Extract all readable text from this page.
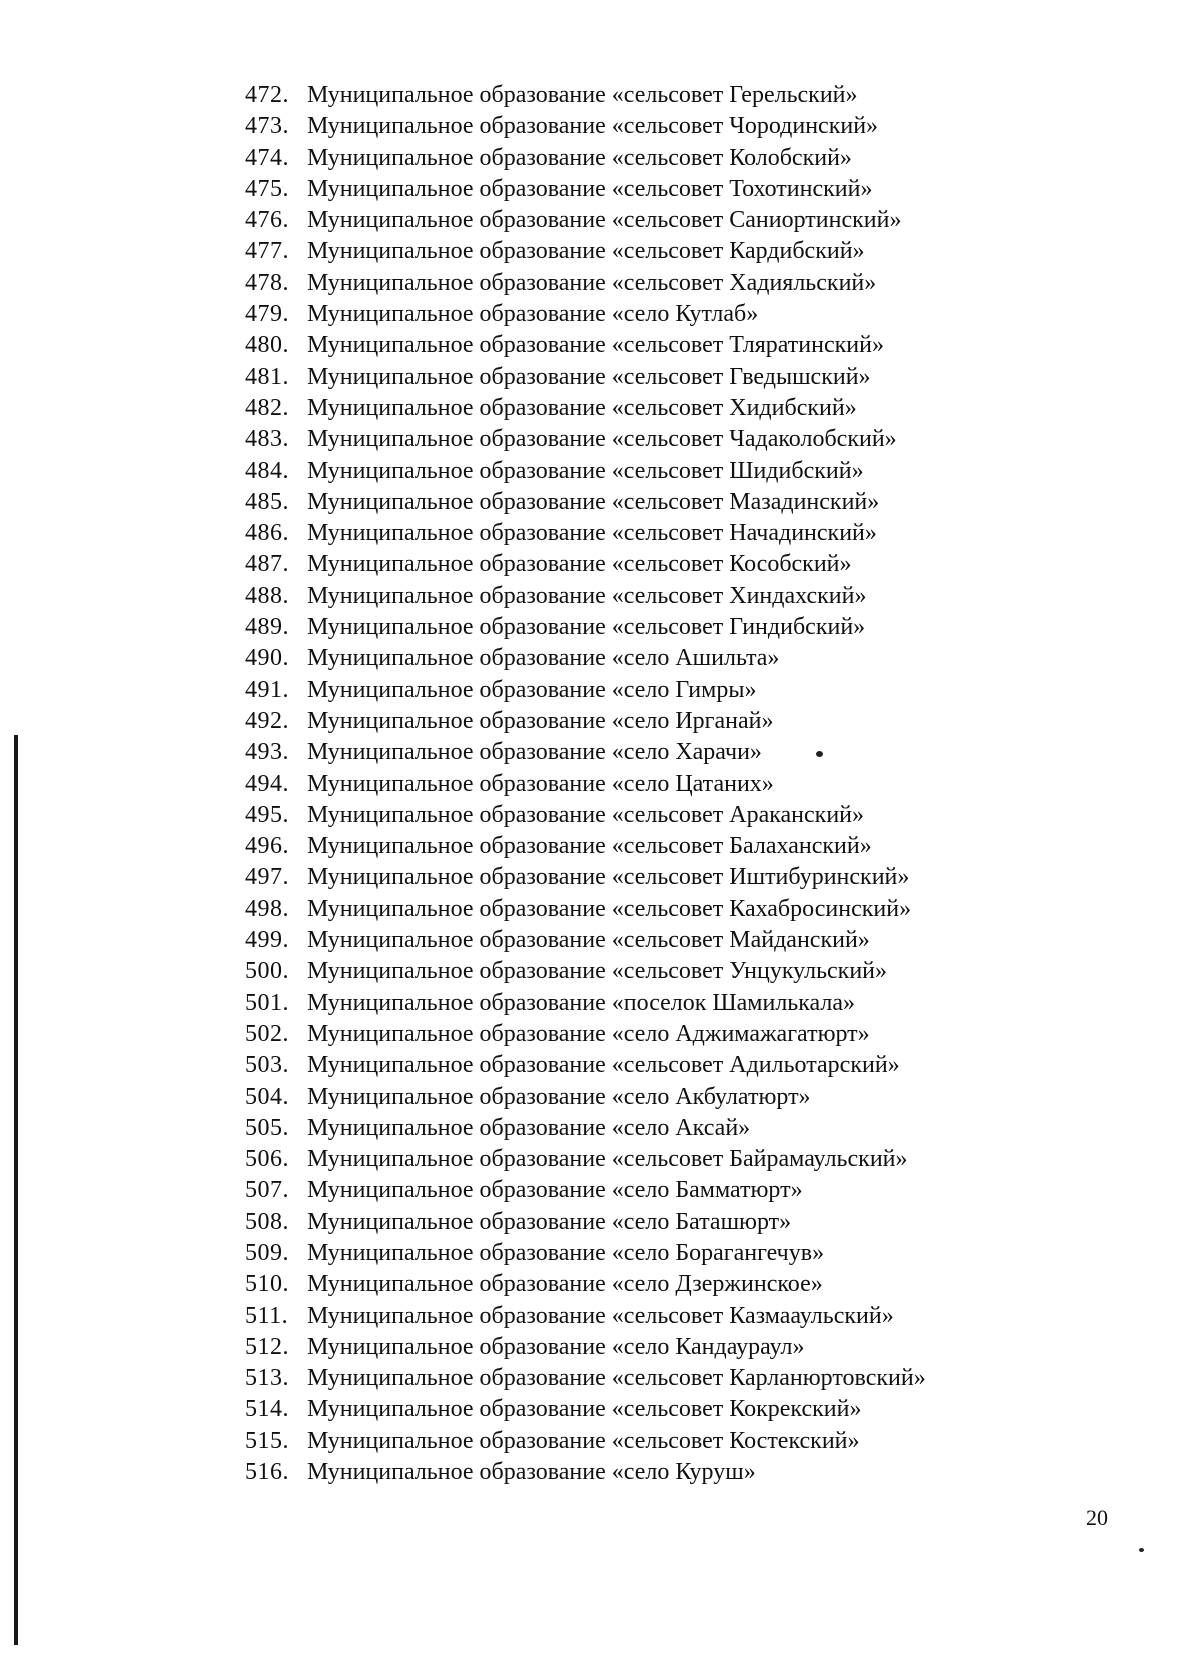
472. Муниципальное образование «сельсовет Герельский»
473. Муниципальное образование «сельсовет Чородинский»
474. Муниципальное образование «сельсовет Колобский»
475. Муниципальное образование «сельсовет Тохотинский»
476. Муниципальное образование «сельсовет Саниортинский»
477. Муниципальное образование «сельсовет Кардибский»
478. Муниципальное образование «сельсовет Хадияльский»
479. Муниципальное образование «село Кутлаб»
480. Муниципальное образование «сельсовет Тляратинский»
481. Муниципальное образование «сельсовет Гведышский»
482. Муниципальное образование «сельсовет Хидибский»
483. Муниципальное образование «сельсовет Чадаколобский»
484. Муниципальное образование «сельсовет Шидибский»
485. Муниципальное образование «сельсовет Мазадинский»
486. Муниципальное образование «сельсовет Начадинский»
487. Муниципальное образование «сельсовет Кособский»
488. Муниципальное образование «сельсовет Хиндахский»
489. Муниципальное образование «сельсовет Гиндибский»
490. Муниципальное образование «село Ашильта»
491. Муниципальное образование «село Гимры»
492. Муниципальное образование «село Ирганай»
493. Муниципальное образование «село Харачи»
494. Муниципальное образование «село Цатаних»
495. Муниципальное образование «сельсовет Араканский»
496. Муниципальное образование «сельсовет Балаханский»
497. Муниципальное образование «сельсовет Иштибуринский»
498. Муниципальное образование «сельсовет Кахабросинский»
499. Муниципальное образование «сельсовет Майданский»
500. Муниципальное образование «сельсовет Унцукульский»
501. Муниципальное образование «поселок Шамилькала»
502. Муниципальное образование «село Аджимажагатюрт»
503. Муниципальное образование «сельсовет Адильотарский»
504. Муниципальное образование «село Акбулатюрт»
505. Муниципальное образование «село Аксай»
506. Муниципальное образование «сельсовет Байрамаульский»
507. Муниципальное образование «село Бамматюрт»
508. Муниципальное образование «село Баташюрт»
509. Муниципальное образование «село Борагангечув»
510. Муниципальное образование «село Дзержинское»
511. Муниципальное образование «сельсовет Казмааульский»
512. Муниципальное образование «село Кандаураул»
513. Муниципальное образование «сельсовет Карланюртовский»
514. Муниципальное образование «сельсовет Кокрекский»
515. Муниципальное образование «сельсовет Костекский»
516. Муниципальное образование «село Куруш»
20
